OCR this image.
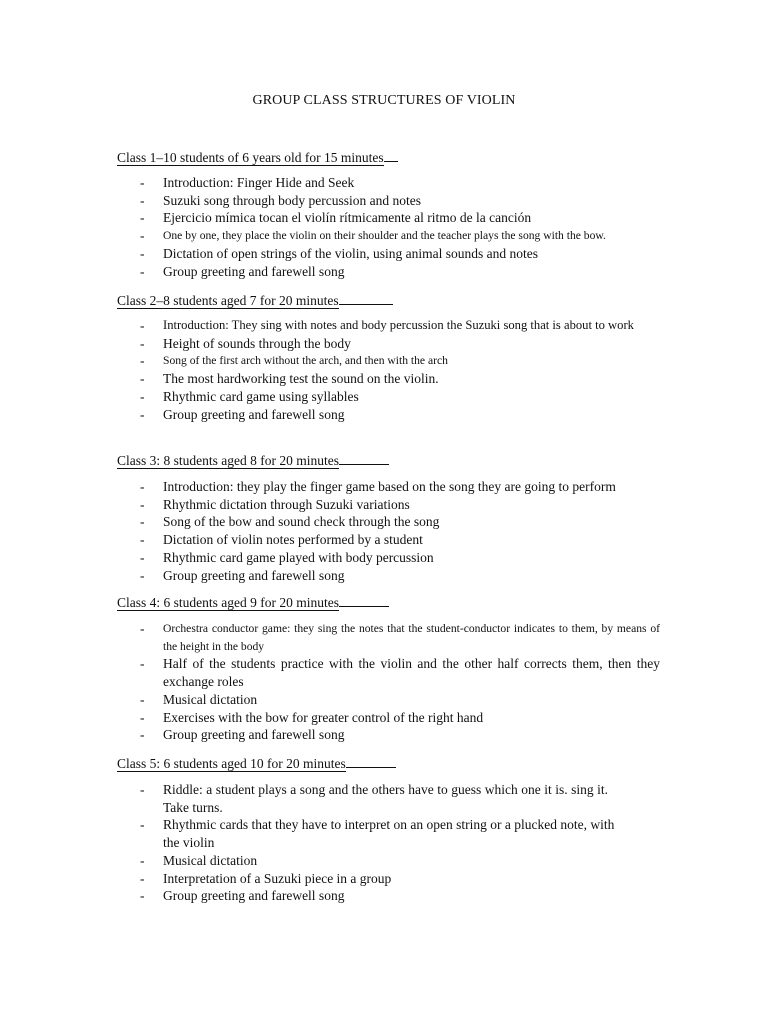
GROUP CLASS STRUCTURES OF VIOLIN
Class 1–10 students of 6 years old for 15 minutes
- Introduction: Finger Hide and Seek
- Suzuki song through body percussion and notes
- Ejercicio mímica tocan el violín rítmicamente al ritmo de la canción
- One by one, they place the violin on their shoulder and the teacher plays the song with the bow.
- Dictation of open strings of the violin, using animal sounds and notes
- Group greeting and farewell song
Class 2–8 students aged 7 for 20 minutes
- Introduction: They sing with notes and body percussion the Suzuki song that is about to work
- Height of sounds through the body
- Song of the first arch without the arch, and then with the arch
- The most hardworking test the sound on the violin.
- Rhythmic card game using syllables
- Group greeting and farewell song
Class 3: 8 students aged 8 for 20 minutes
- Introduction: they play the finger game based on the song they are going to perform
- Rhythmic dictation through Suzuki variations
- Song of the bow and sound check through the song
- Dictation of violin notes performed by a student
- Rhythmic card game played with body percussion
- Group greeting and farewell song
Class 4: 6 students aged 9 for 20 minutes
- Orchestra conductor game: they sing the notes that the student-conductor indicates to them, by means of the height in the body
- Half of the students practice with the violin and the other half corrects them, then they exchange roles
- Musical dictation
- Exercises with the bow for greater control of the right hand
- Group greeting and farewell song
Class 5: 6 students aged 10 for 20 minutes
- Riddle: a student plays a song and the others have to guess which one it is. sing it. Take turns.
- Rhythmic cards that they have to interpret on an open string or a plucked note, with the violin
- Musical dictation
- Interpretation of a Suzuki piece in a group
- Group greeting and farewell song
